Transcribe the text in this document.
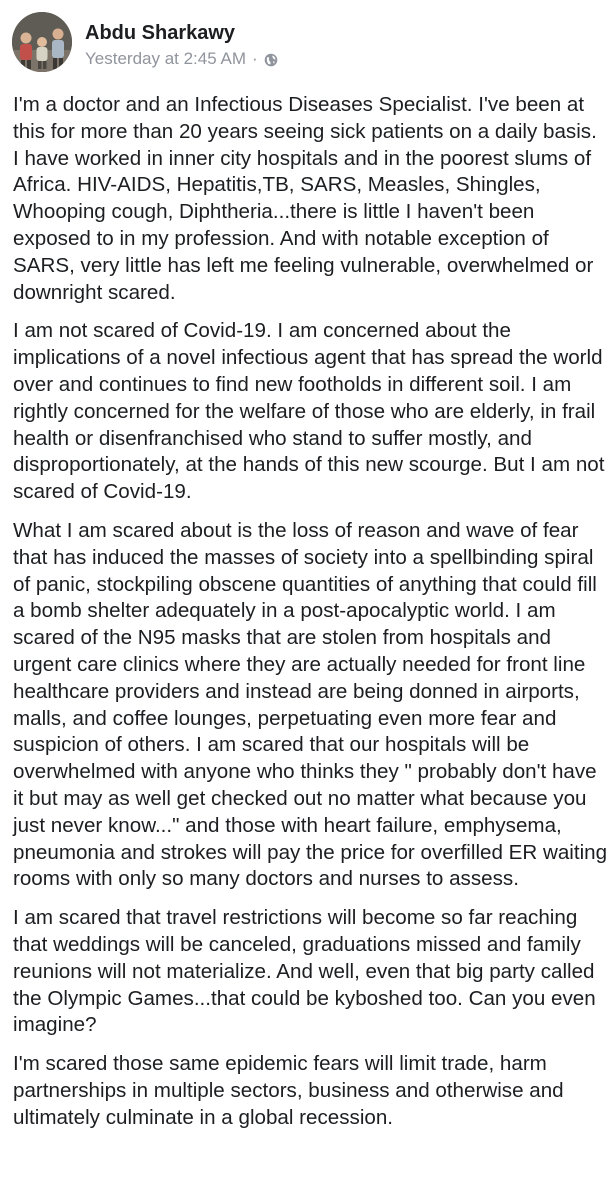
Abdu Sharkawy
Yesterday at 2:45 AM ·

I'm a doctor and an Infectious Diseases Specialist. I've been at this for more than 20 years seeing sick patients on a daily basis. I have worked in inner city hospitals and in the poorest slums of Africa. HIV-AIDS, Hepatitis,TB, SARS, Measles, Shingles, Whooping cough, Diphtheria...there is little I haven't been exposed to in my profession. And with notable exception of SARS, very little has left me feeling vulnerable, overwhelmed or downright scared.

I am not scared of Covid-19. I am concerned about the implications of a novel infectious agent that has spread the world over and continues to find new footholds in different soil. I am rightly concerned for the welfare of those who are elderly, in frail health or disenfranchised who stand to suffer mostly, and disproportionately, at the hands of this new scourge. But I am not scared of Covid-19.

What I am scared about is the loss of reason and wave of fear that has induced the masses of society into a spellbinding spiral of panic, stockpiling obscene quantities of anything that could fill a bomb shelter adequately in a post-apocalyptic world. I am scared of the N95 masks that are stolen from hospitals and urgent care clinics where they are actually needed for front line healthcare providers and instead are being donned in airports, malls, and coffee lounges, perpetuating even more fear and suspicion of others. I am scared that our hospitals will be overwhelmed with anyone who thinks they " probably don't have it but may as well get checked out no matter what because you just never know..." and those with heart failure, emphysema, pneumonia and strokes will pay the price for overfilled ER waiting rooms with only so many doctors and nurses to assess.

I am scared that travel restrictions will become so far reaching that weddings will be canceled, graduations missed and family reunions will not materialize. And well, even that big party called the Olympic Games...that could be kyboshed too. Can you even
imagine?

I'm scared those same epidemic fears will limit trade, harm partnerships in multiple sectors, business and otherwise and ultimately culminate in a global recession.
